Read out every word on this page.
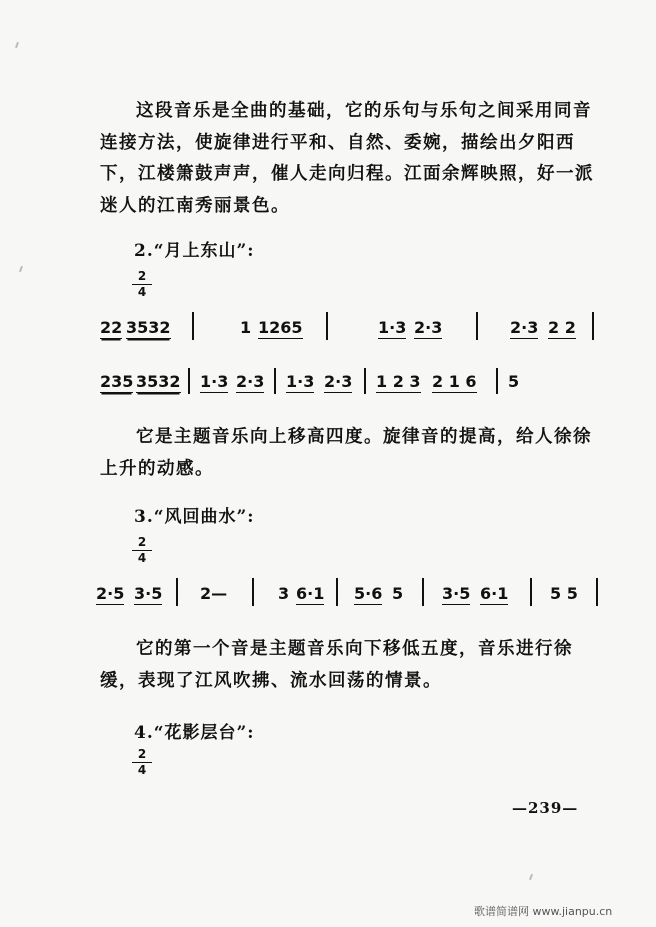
这段音乐是全曲的基础，它的乐句与乐句之间采用同音
连接方法，使旋律进行平和、自然、委婉，描绘出夕阳西
下，江楼箫鼓声声，催人走向归程。江面余辉映照，好一派
迷人的江南秀丽景色。
2.“月上东山”:
2
4
22 3532	1 1265	1·3 2·3	2·3 2 2
235 3532 1·3 2·3 1·3 2·3 1 2 3 2 1 6 5
它是主题音乐向上移高四度。旋律音的提高，给人徐徐
上升的动感。
3.“风回曲水”:
2
4
2·5 3·5 2—	3 6·1 5·6 5 3·5 6·1	5 5
它的第一个音是主题音乐向下移低五度，音乐进行徐
缓，表现了江风吹拂、流水回荡的情景。
4.“花影层台”:
2
4
—239—
歌谱简谱网 www.jianpu.cn
